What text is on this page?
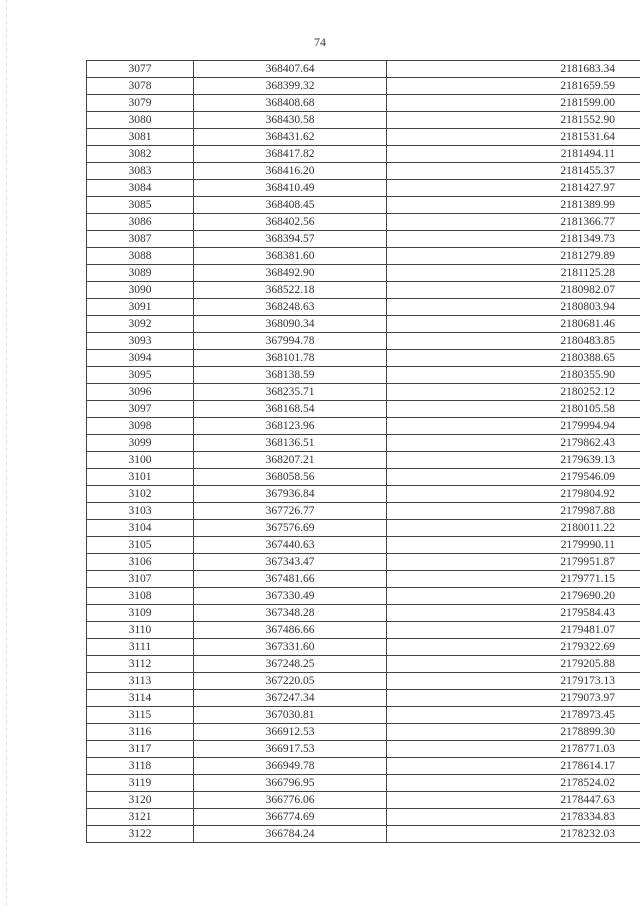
74
3077	368407.64	2181683.34
3078	368399.32	2181659.59
3079	368408.68	2181599.00
3080	368430.58	2181552.90
3081	368431.62	2181531.64
3082	368417.82	2181494.11
3083	368416.20	2181455.37
3084	368410.49	2181427.97
3085	368408.45	2181389.99
3086	368402.56	2181366.77
3087	368394.57	2181349.73
3088	368381.60	2181279.89
3089	368492.90	2181125.28
3090	368522.18	2180982.07
3091	368248.63	2180803.94
3092	368090.34	2180681.46
3093	367994.78	2180483.85
3094	368101.78	2180388.65
3095	368138.59	2180355.90
3096	368235.71	2180252.12
3097	368168.54	2180105.58
3098	368123.96	2179994.94
3099	368136.51	2179862.43
3100	368207.21	2179639.13
3101	368058.56	2179546.09
3102	367936.84	2179804.92
3103	367726.77	2179987.88
3104	367576.69	2180011.22
3105	367440.63	2179990.11
3106	367343.47	2179951.87
3107	367481.66	2179771.15
3108	367330.49	2179690.20
3109	367348.28	2179584.43
3110	367486.66	2179481.07
3111	367331.60	2179322.69
3112	367248.25	2179205.88
3113	367220.05	2179173.13
3114	367247.34	2179073.97
3115	367030.81	2178973.45
3116	366912.53	2178899.30
3117	366917.53	2178771.03
3118	366949.78	2178614.17
3119	366796.95	2178524.02
3120	366776.06	2178447.63
3121	366774.69	2178334.83
3122	366784.24	2178232.03
